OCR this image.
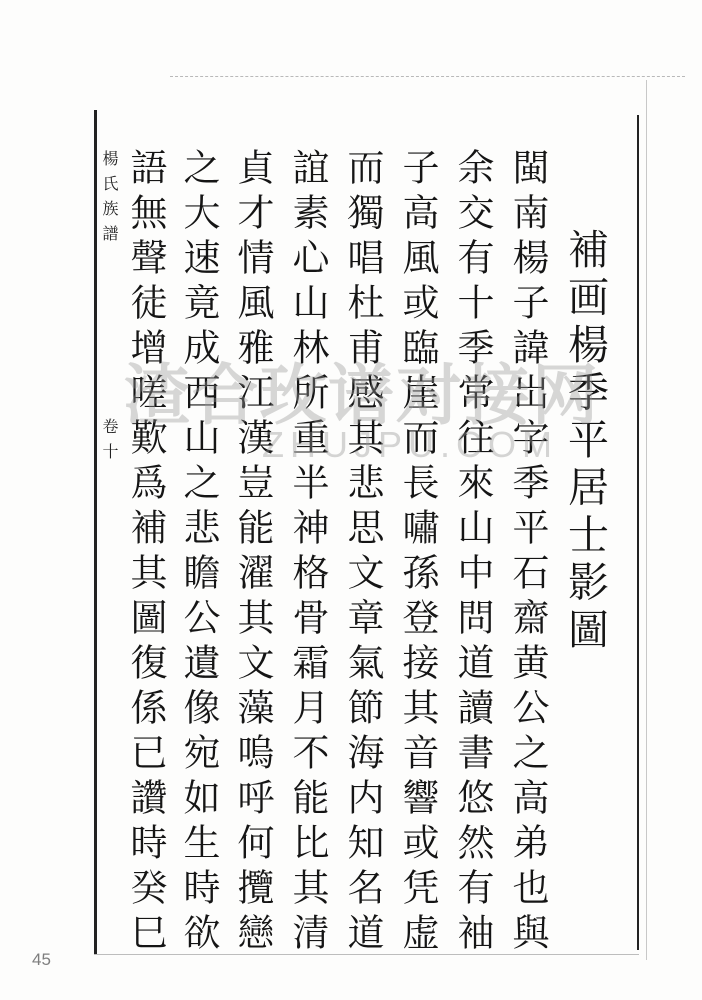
補画楊季平居士影圖
閩南楊子諱岀字季平石齋黄公之高弟也與
余交有十季常往來山中問道讀書悠然有袖
子高風或臨崖而長嘯孫登接其音響或凭虚
而獨唱杜甫感其悲思文章氣節海内知名道
誼素心山林所重半神格骨霜月不能比其清
貞才情風雅江漢豈能濯其文藻嗚呼何攬戀
之大速竟成西山之悲瞻公遺像宛如生時欲
楊氏族譜
卷十
45
語無聲徒增嗟歎爲補其圖復係已讚時癸巳
渣合玫谱对接网
ZHUJPU.COM
